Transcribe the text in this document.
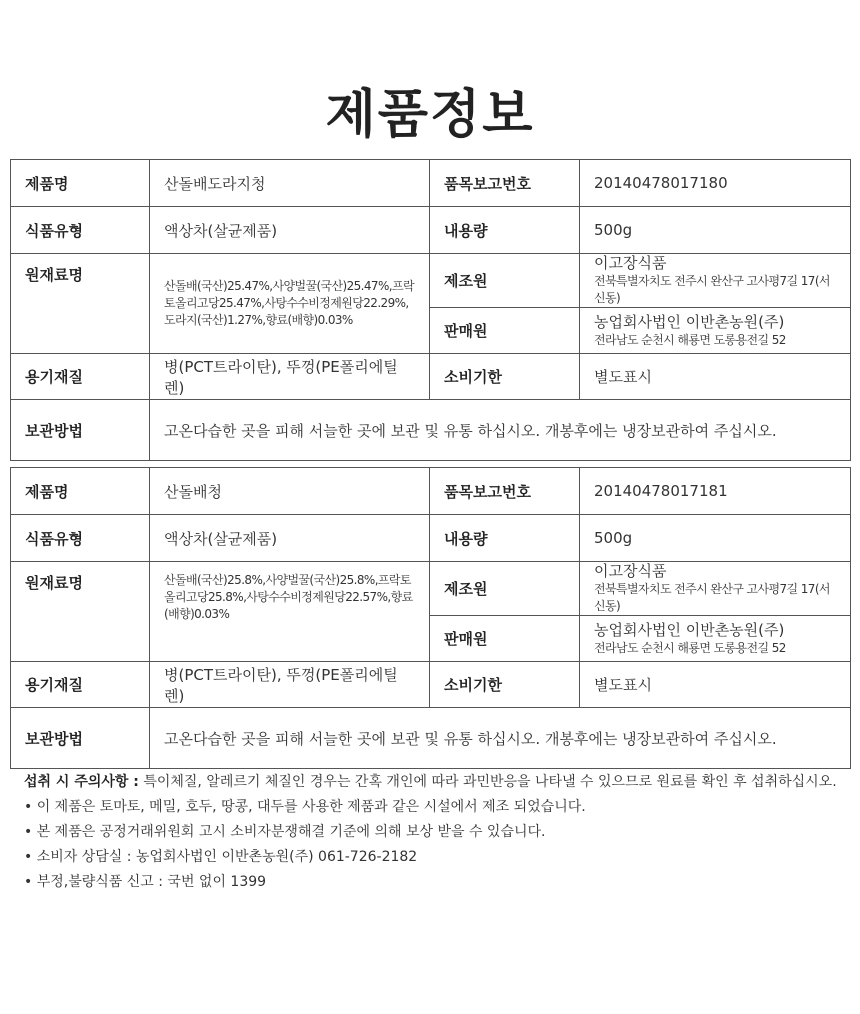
제품정보
제품명	산돌배도라지청	품목보고번호	20140478017180
식품유형	액상차(살균제품)	내용량	500g
원재료명	산돌배(국산)25.47%,사양벌꿀(국산)25.47%,프락토올리고당25.47%,사탕수수비정제원당22.29%,도라지(국산)1.27%,향료(배향)0.03%	제조원	이고장식품
전북특별자치도 전주시 완산구 고사평7길 17(서신동)

		판매원	농업회사법인 이반촌농원(주)
전라남도 순천시 해룡면 도롱용전길 52

용기재질	병(PCT트라이탄), 뚜껑(PE폴리에틸렌)	소비기한	별도표시
보관방법	고온다습한 곳을 피해 서늘한 곳에 보관 및 유통 하십시오. 개봉후에는 냉장보관하여 주십시오.		
제품명	산돌배청	품목보고번호	20140478017181
식품유형	액상차(살균제품)	내용량	500g
원재료명	산돌배(국산)25.8%,사양벌꿀(국산)25.8%,프락토올리고당25.8%,사탕수수비정제원당22.57%,향료(배향)0.03%	제조원	이고장식품
전북특별자치도 전주시 완산구 고사평7길 17(서신동)

		판매원	농업회사법인 이반촌농원(주)
전라남도 순천시 해룡면 도롱용전길 52

용기재질	병(PCT트라이탄), 뚜껑(PE폴리에틸렌)	소비기한	별도표시
보관방법	고온다습한 곳을 피해 서늘한 곳에 보관 및 유통 하십시오. 개봉후에는 냉장보관하여 주십시오.		
섭취 시 주의사항 : 특이체질, 알레르기 체질인 경우는 간혹 개인에 따라 과민반응을 나타낼 수 있으므로 원료를 확인 후 섭취하십시오.
• 이 제품은 토마토, 메밀, 호두, 땅콩, 대두를 사용한 제품과 같은 시설에서 제조 되었습니다.
• 본 제품은 공정거래위원회 고시 소비자분쟁해결 기준에 의해 보상 받을 수 있습니다.
• 소비자 상담실 : 농업회사법인 이반촌농원(주) 061-726-2182
• 부정,불량식품 신고 : 국번 없이 1399
